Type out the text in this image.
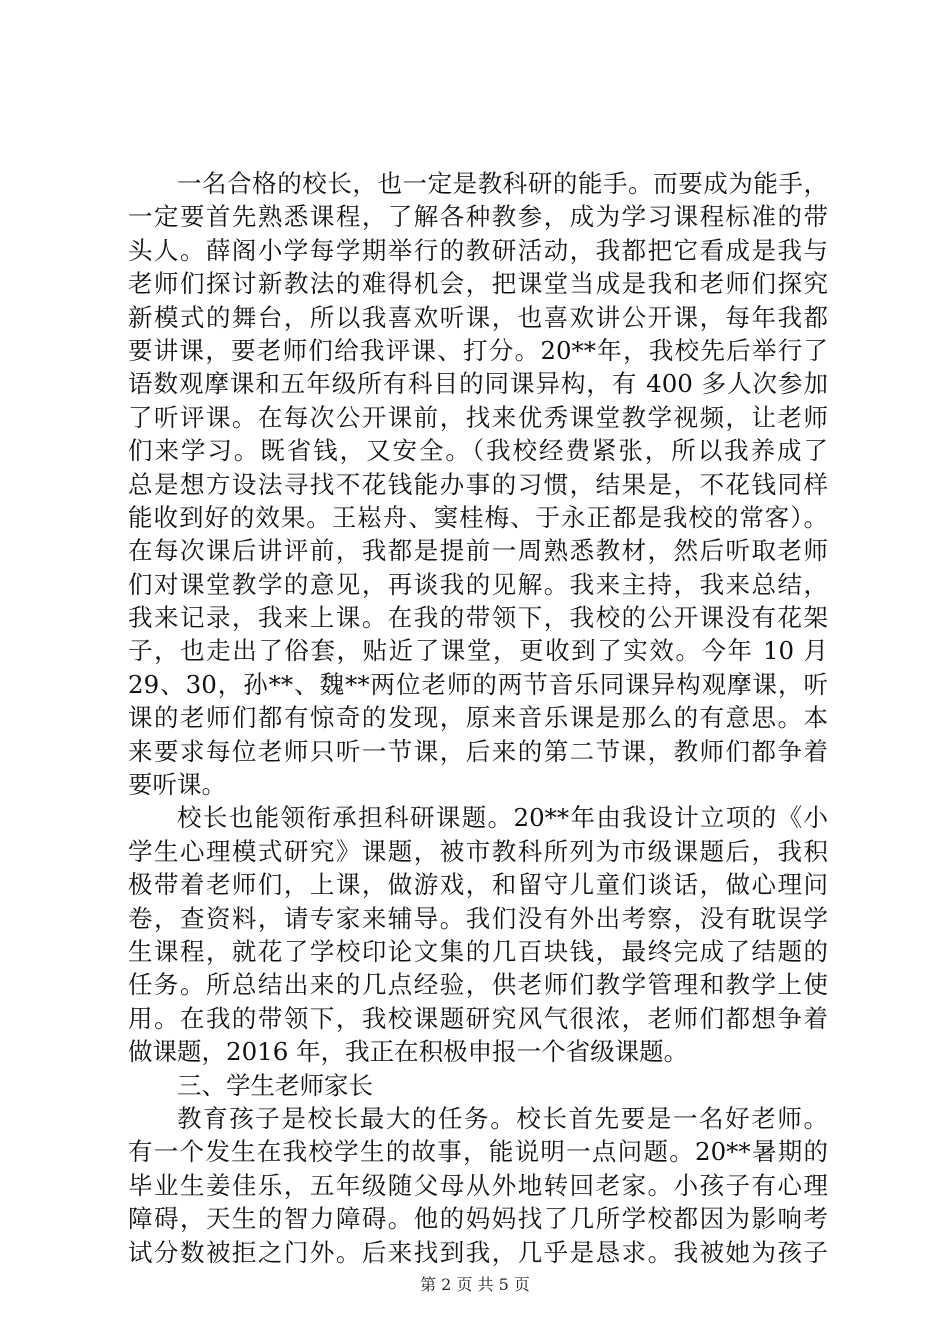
一名合格的校长，也一定是教科研的能手。而要成为能手，
一定要首先熟悉课程，了解各种教参，成为学习课程标准的带
头人。薛阁小学每学期举行的教研活动，我都把它看成是我与
老师们探讨新教法的难得机会，把课堂当成是我和老师们探究
新模式的舞台，所以我喜欢听课，也喜欢讲公开课，每年我都
要讲课，要老师们给我评课、打分。20**年，我校先后举行了
语数观摩课和五年级所有科目的同课异构，有 400 多人次参加
了听评课。在每次公开课前，找来优秀课堂教学视频，让老师
们来学习。既省钱，又安全。（我校经费紧张，所以我养成了
总是想方设法寻找不花钱能办事的习惯，结果是，不花钱同样
能收到好的效果。王崧舟、窦桂梅、于永正都是我校的常客）。
在每次课后讲评前，我都是提前一周熟悉教材，然后听取老师
们对课堂教学的意见，再谈我的见解。我来主持，我来总结，
我来记录，我来上课。在我的带领下，我校的公开课没有花架
子，也走出了俗套，贴近了课堂，更收到了实效。今年 10 月
29、30，孙**、魏**两位老师的两节音乐同课异构观摩课，听
课的老师们都有惊奇的发现，原来音乐课是那么的有意思。本
来要求每位老师只听一节课，后来的第二节课，教师们都争着
要听课。
校长也能领衔承担科研课题。20**年由我设计立项的《小
学生心理模式研究》课题，被市教科所列为市级课题后，我积
极带着老师们，上课，做游戏，和留守儿童们谈话，做心理问
卷，查资料，请专家来辅导。我们没有外出考察，没有耽误学
生课程，就花了学校印论文集的几百块钱，最终完成了结题的
任务。所总结出来的几点经验，供老师们教学管理和教学上使
用。在我的带领下，我校课题研究风气很浓，老师们都想争着
做课题，2016 年，我正在积极申报一个省级课题。
三、学生老师家长
教育孩子是校长最大的任务。校长首先要是一名好老师。
有一个发生在我校学生的故事，能说明一点问题。20**暑期的
毕业生姜佳乐，五年级随父母从外地转回老家。小孩子有心理
障碍，天生的智力障碍。他的妈妈找了几所学校都因为影响考
试分数被拒之门外。后来找到我，几乎是恳求。我被她为孩子
第 2 页 共 5 页
